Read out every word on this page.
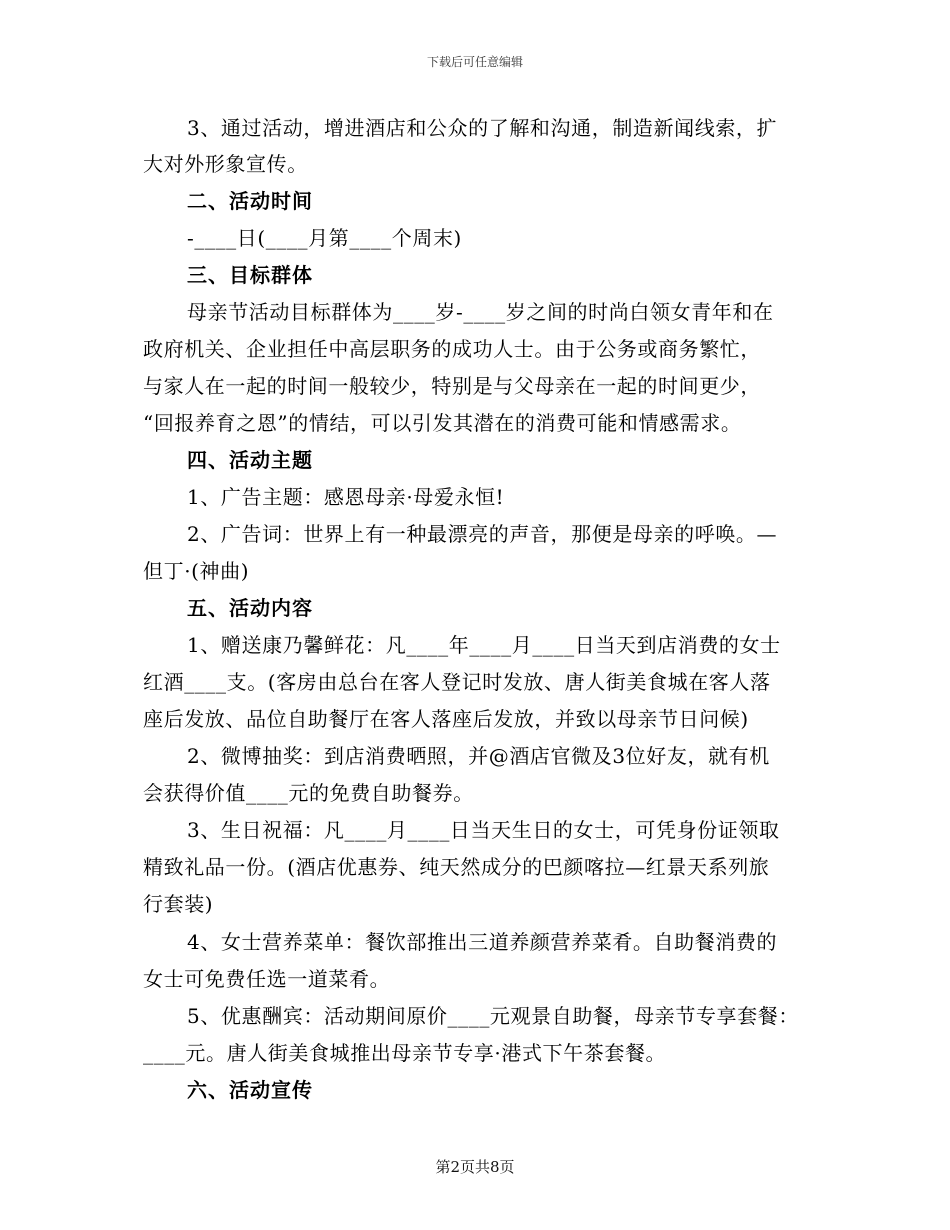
下载后可任意编辑
3、通过活动，增进酒店和公众的了解和沟通，制造新闻线索，扩
大对外形象宣传。
二、活动时间
-____日(____月第____个周末)
三、目标群体
母亲节活动目标群体为____岁-____岁之间的时尚白领女青年和在
政府机关、企业担任中高层职务的成功人士。由于公务或商务繁忙，
与家人在一起的时间一般较少，特别是与父母亲在一起的时间更少，
“回报养育之恩”的情结，可以引发其潜在的消费可能和情感需求。
四、活动主题
1、广告主题：感恩母亲·母爱永恒!
2、广告词：世界上有一种最漂亮的声音，那便是母亲的呼唤。—
但丁·(神曲)
五、活动内容
1、赠送康乃馨鲜花：凡____年____月____日当天到店消费的女士
红酒____支。(客房由总台在客人登记时发放、唐人街美食城在客人落
座后发放、品位自助餐厅在客人落座后发放，并致以母亲节日问候)
2、微博抽奖：到店消费晒照，并@酒店官微及3位好友，就有机
会获得价值____元的免费自助餐券。
3、生日祝福：凡____月____日当天生日的女士，可凭身份证领取
精致礼品一份。(酒店优惠券、纯天然成分的巴颜喀拉—红景天系列旅
行套装)
4、女士营养菜单：餐饮部推出三道养颜营养菜肴。自助餐消费的
女士可免费任选一道菜肴。
5、优惠酬宾：活动期间原价____元观景自助餐，母亲节专享套餐：
____元。唐人街美食城推出母亲节专享·港式下午茶套餐。
六、活动宣传
第2页共8页
